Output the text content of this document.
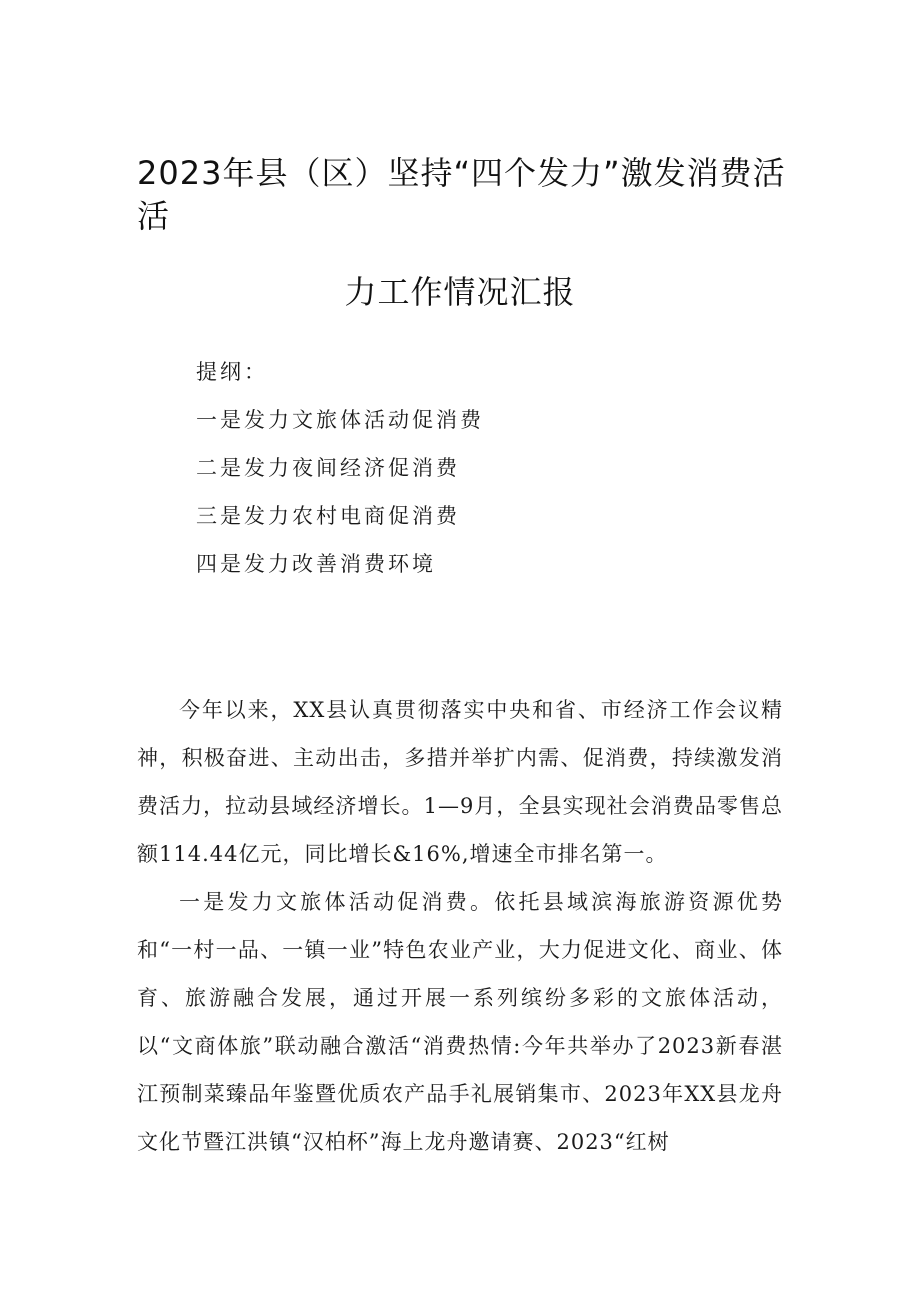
2023年县（区）坚持“四个发力”激发消费活
活
力工作情况汇报
提纲：
一是发力文旅体活动促消费
二是发力夜间经济促消费
三是发力农村电商促消费
四是发力改善消费环境

今年以来，XX县认真贯彻落实中央和省、市经济工作会议精神，积极奋进、主动出击，多措并举扩内需、促消费，持续激发消费活力，拉动县域经济增长。1—9月，全县实现社会消费品零售总额114.44亿元，同比增长&16%,增速全市排名第一。

一是发力文旅体活动促消费。依托县域滨海旅游资源优势和“一村一品、一镇一业”特色农业产业，大力促进文化、商业、体育、旅游融合发展，通过开展一系列缤纷多彩的文旅体活动，以“文商体旅”联动融合激活“消费热情:今年共举办了2023新春湛江预制菜臻品年鉴暨优质农产品手礼展销集市、2023年XX县龙舟文化节暨江洪镇“汉柏杯”海上龙舟邀请赛、2023“红树
